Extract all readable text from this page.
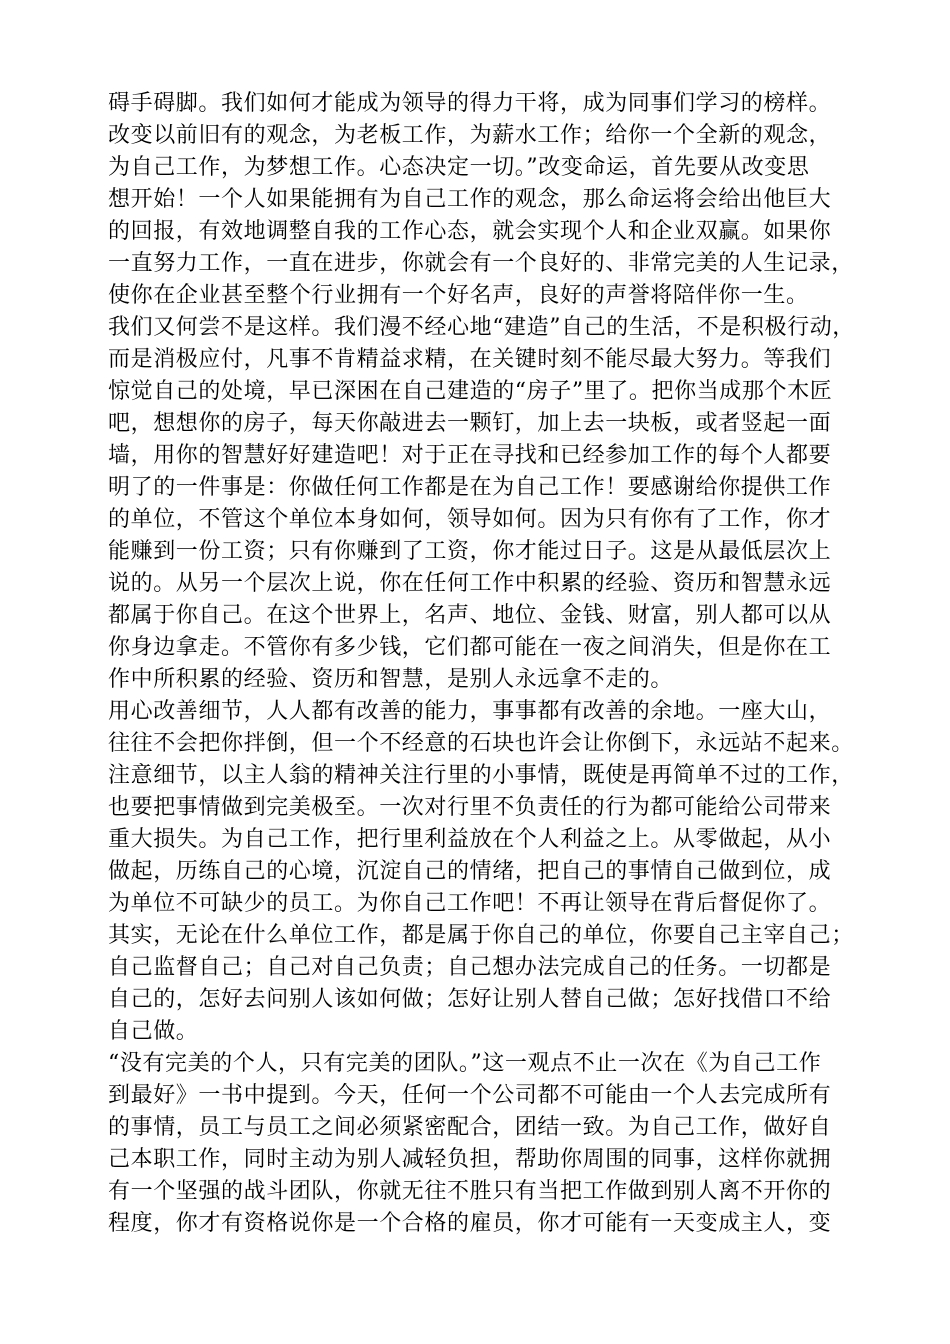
碍手碍脚。我们如何才能成为领导的得力干将，成为同事们学习的榜样。
改变以前旧有的观念，为老板工作，为薪水工作；给你一个全新的观念，
为自己工作，为梦想工作。心态决定一切。”改变命运，首先要从改变思
想开始！一个人如果能拥有为自己工作的观念，那么命运将会给出他巨大
的回报，有效地调整自我的工作心态，就会实现个人和企业双赢。如果你
一直努力工作，一直在进步，你就会有一个良好的、非常完美的人生记录，
使你在企业甚至整个行业拥有一个好名声，良好的声誉将陪伴你一生。
我们又何尝不是这样。我们漫不经心地“建造”自己的生活，不是积极行动，
而是消极应付，凡事不肯精益求精，在关键时刻不能尽最大努力。等我们
惊觉自己的处境，早已深困在自己建造的“房子”里了。把你当成那个木匠
吧，想想你的房子，每天你敲进去一颗钉，加上去一块板，或者竖起一面
墙，用你的智慧好好建造吧！对于正在寻找和已经参加工作的每个人都要
明了的一件事是：你做任何工作都是在为自己工作！要感谢给你提供工作
的单位，不管这个单位本身如何，领导如何。因为只有你有了工作，你才
能赚到一份工资；只有你赚到了工资，你才能过日子。这是从最低层次上
说的。从另一个层次上说，你在任何工作中积累的经验、资历和智慧永远
都属于你自己。在这个世界上，名声、地位、金钱、财富，别人都可以从
你身边拿走。不管你有多少钱，它们都可能在一夜之间消失，但是你在工
作中所积累的经验、资历和智慧，是别人永远拿不走的。
用心改善细节，人人都有改善的能力，事事都有改善的余地。一座大山，
往往不会把你拌倒，但一个不经意的石块也许会让你倒下，永远站不起来。
注意细节，以主人翁的精神关注行里的小事情，既使是再简单不过的工作，
也要把事情做到完美极至。一次对行里不负责任的行为都可能给公司带来
重大损失。为自己工作，把行里利益放在个人利益之上。从零做起，从小
做起，历练自己的心境，沉淀自己的情绪，把自己的事情自己做到位，成
为单位不可缺少的员工。为你自己工作吧！不再让领导在背后督促你了。
其实，无论在什么单位工作，都是属于你自己的单位，你要自己主宰自己；
自己监督自己；自己对自己负责；自己想办法完成自己的任务。一切都是
自己的，怎好去问别人该如何做；怎好让别人替自己做；怎好找借口不给
自己做。
“没有完美的个人，只有完美的团队。”这一观点不止一次在《为自己工作
到最好》一书中提到。今天，任何一个公司都不可能由一个人去完成所有
的事情，员工与员工之间必须紧密配合，团结一致。为自己工作，做好自
己本职工作，同时主动为别人减轻负担，帮助你周围的同事，这样你就拥
有一个坚强的战斗团队，你就无往不胜只有当把工作做到别人离不开你的
程度，你才有资格说你是一个合格的雇员，你才可能有一天变成主人，变
